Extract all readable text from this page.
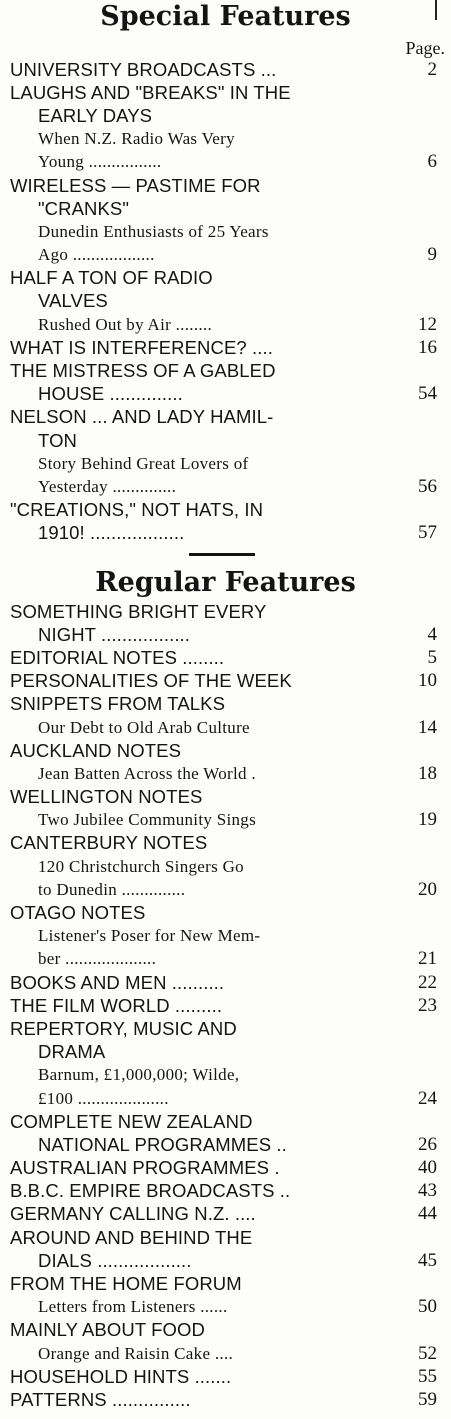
Special Features
Page.
UNIVERSITY BROADCASTS ...	2
LAUGHS AND "BREAKS" IN THE
EARLY DAYS
When N.Z. Radio Was Very
Young ................	6
WIRELESS — PASTIME FOR
"CRANKS"
Dunedin Enthusiasts of 25 Years
Ago ..................	9
HALF A TON OF RADIO
VALVES
Rushed Out by Air ........	12
WHAT IS INTERFERENCE? ....	16
THE MISTRESS OF A GABLED
HOUSE ..............	54
NELSON ... AND LADY HAMIL-
TON
Story Behind Great Lovers of
Yesterday ..............	56
"CREATIONS," NOT HATS, IN
1910! ..................	57
Regular Features
SOMETHING BRIGHT EVERY
NIGHT .................	4
EDITORIAL NOTES ........	5
PERSONALITIES OF THE WEEK	10
SNIPPETS FROM TALKS
Our Debt to Old Arab Culture	14
AUCKLAND NOTES
Jean Batten Across the World .	18
WELLINGTON NOTES
Two Jubilee Community Sings	19
CANTERBURY NOTES
120 Christchurch Singers Go
to Dunedin ..............	20
OTAGO NOTES
Listener's Poser for New Mem-
ber ....................	21
BOOKS AND MEN ..........	22
THE FILM WORLD .........	23
REPERTORY, MUSIC AND
DRAMA
Barnum, £1,000,000; Wilde,
£100 ....................	24
COMPLETE NEW ZEALAND
NATIONAL PROGRAMMES ..	26
AUSTRALIAN PROGRAMMES .	40
B.B.C. EMPIRE BROADCASTS ..	43
GERMANY CALLING N.Z. ....	44
AROUND AND BEHIND THE
DIALS ..................	45
FROM THE HOME FORUM
Letters from Listeners ......	50
MAINLY ABOUT FOOD
Orange and Raisin Cake ....	52
HOUSEHOLD HINTS .......	55
PATTERNS ...............	59
